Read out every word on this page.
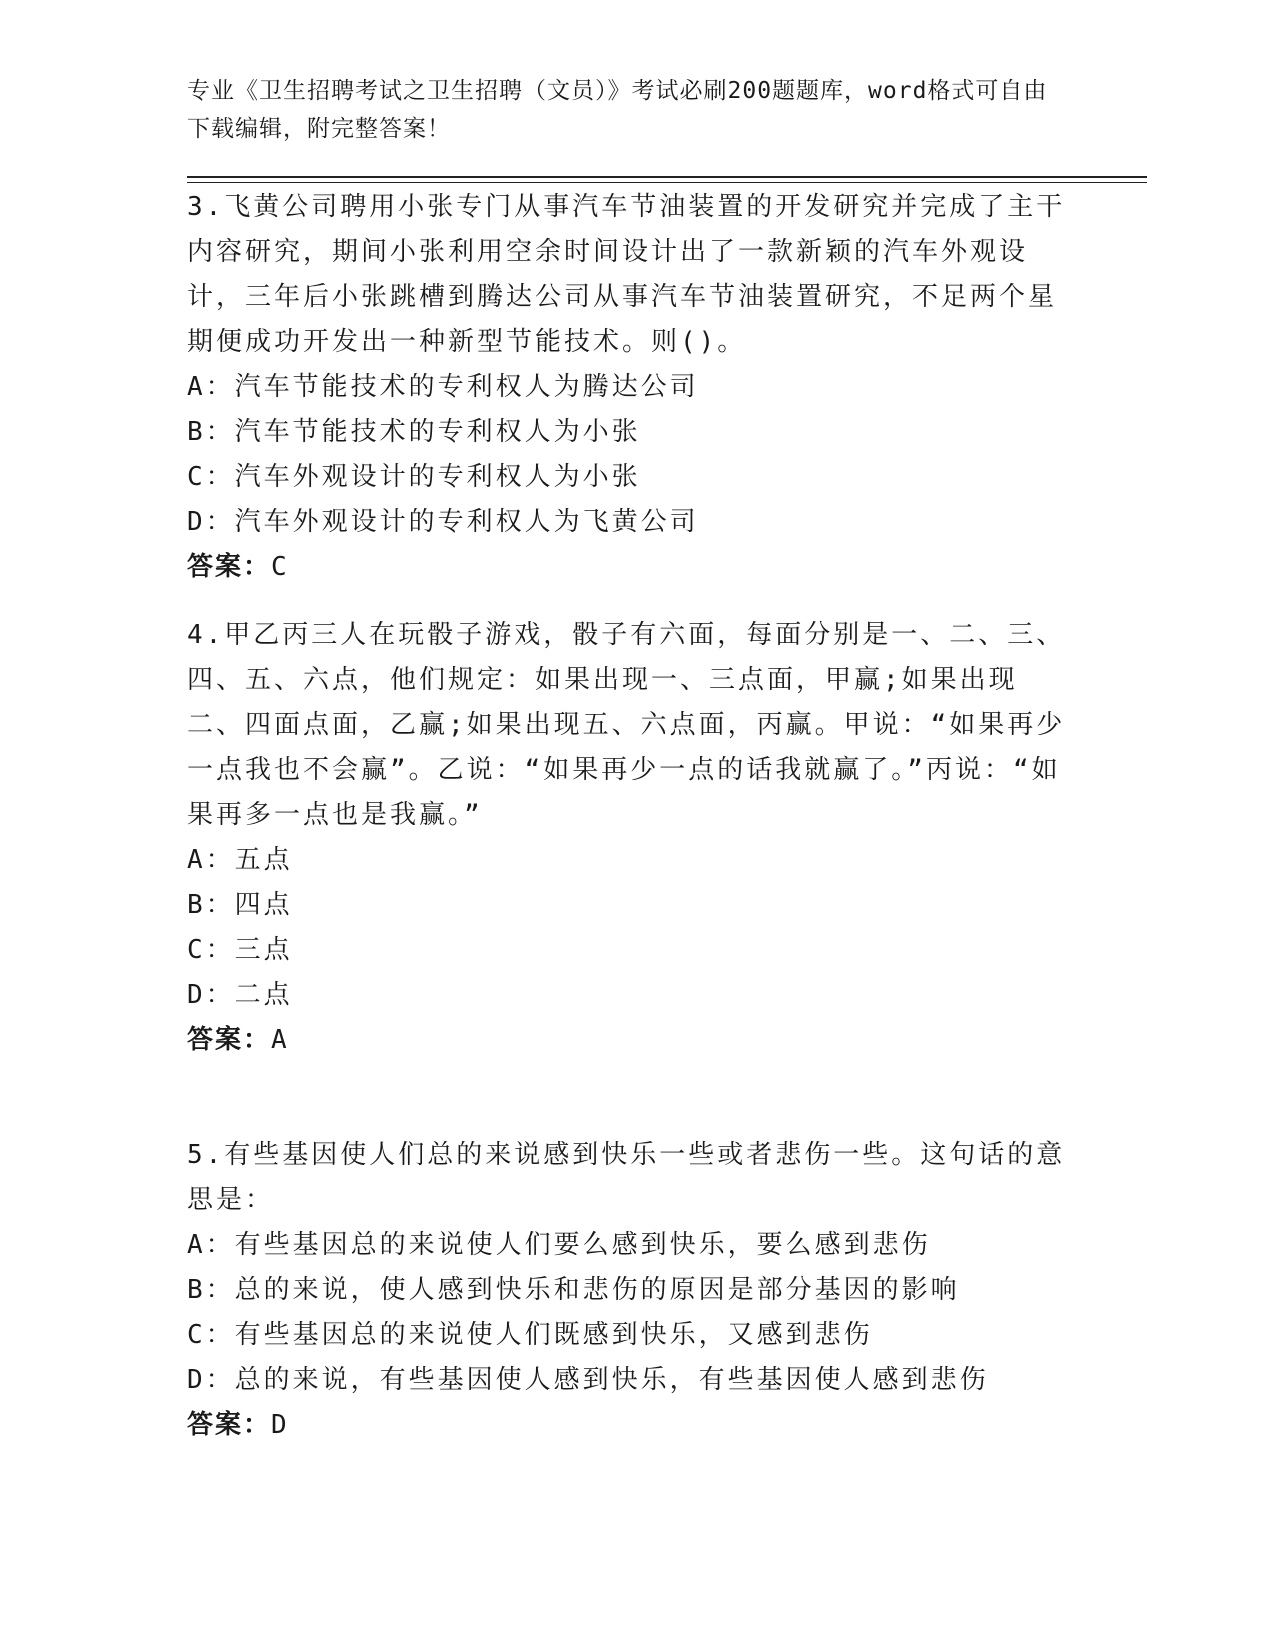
专业《卫生招聘考试之卫生招聘（文员）》考试必刷200题题库，word格式可自由下载编辑，附完整答案！

3.飞黄公司聘用小张专门从事汽车节油装置的开发研究并完成了主干内容研究，期间小张利用空余时间设计出了一款新颖的汽车外观设计，三年后小张跳槽到腾达公司从事汽车节油装置研究，不足两个星期便成功开发出一种新型节能技术。则()。

A：汽车节能技术的专利权人为腾达公司

B：汽车节能技术的专利权人为小张

C：汽车外观设计的专利权人为小张

D：汽车外观设计的专利权人为飞黄公司

答案：C

4.甲乙丙三人在玩骰子游戏，骰子有六面，每面分别是一、二、三、四、五、六点，他们规定：如果出现一、三点面，甲赢;如果出现二、四面点面，乙赢;如果出现五、六点面，丙赢。甲说：“如果再少一点我也不会赢”。乙说：“如果再少一点的话我就赢了。”丙说：“如果再多一点也是我赢。”

A：五点

B：四点

C：三点

D：二点

答案：A

5.有些基因使人们总的来说感到快乐一些或者悲伤一些。这句话的意思是：

A：有些基因总的来说使人们要么感到快乐，要么感到悲伤

B：总的来说，使人感到快乐和悲伤的原因是部分基因的影响

C：有些基因总的来说使人们既感到快乐，又感到悲伤

D：总的来说，有些基因使人感到快乐，有些基因使人感到悲伤

答案：D
